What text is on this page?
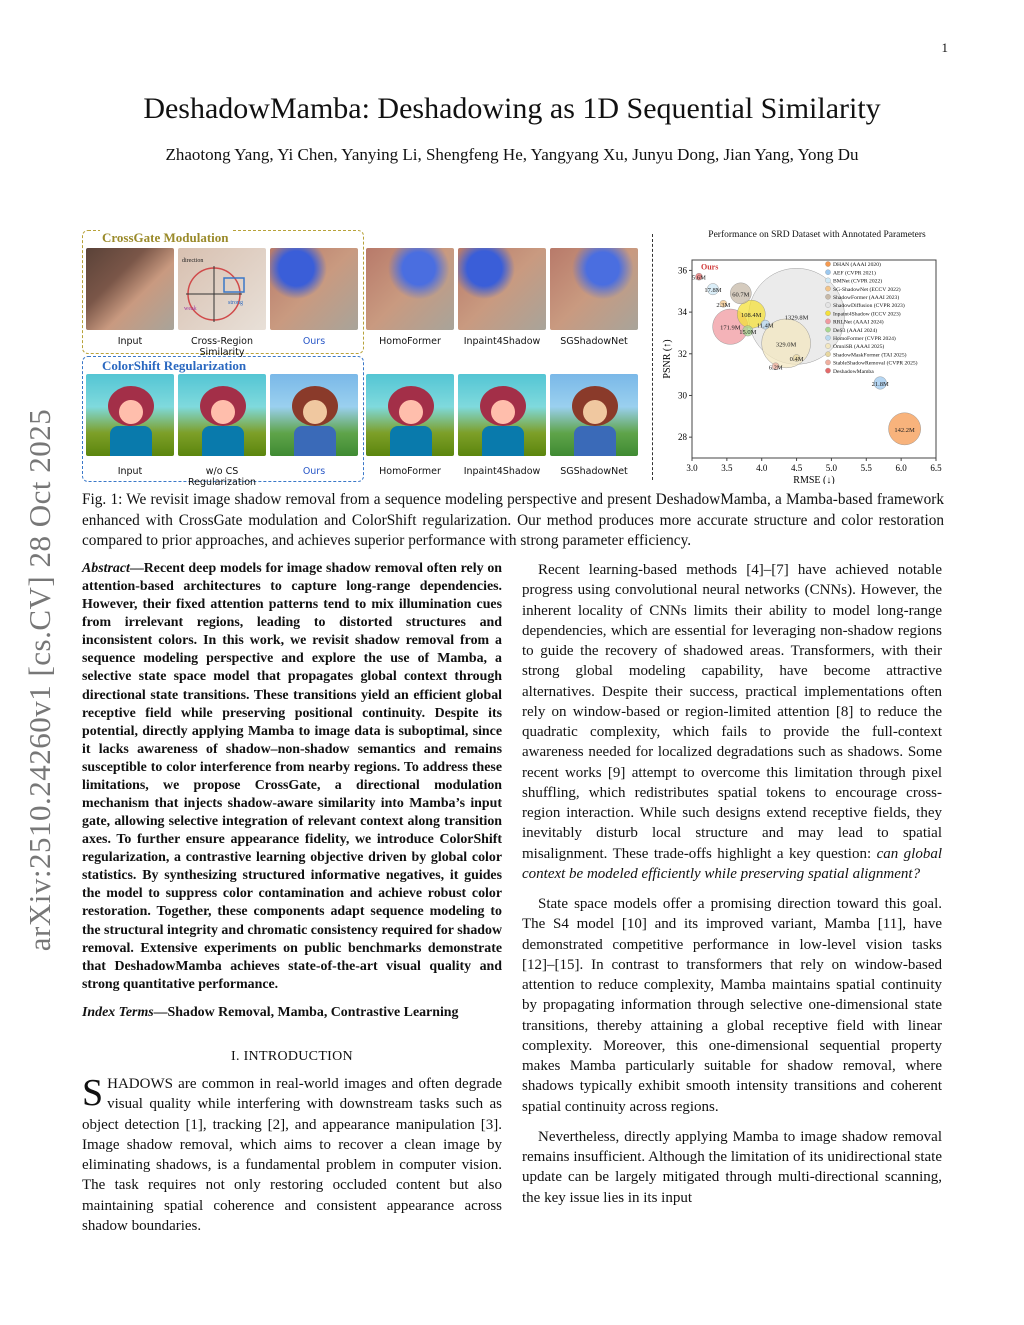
1
arXiv:2510.24260v1 [cs.CV] 28 Oct 2025
DeshadowMamba: Deshadowing as 1D Sequential Similarity
Zhaotong Yang, Yi Chen, Yanying Li, Shengfeng He, Yangyang Xu, Junyu Dong, Jian Yang, Yong Du
CrossGate Modulation
ColorShift Regularization
direction
weak
strong
Input	Cross-Region Similarity
Ours	HomoFormer	Inpaint4Shadow	SGShadowNet
Input	w/o CS Regularization
Ours	HomoFormer	Inpaint4Shadow	SGShadowNet
Performance on SRD Dataset with Annotated Parameters
3.0	3.5	4.0	4.5	5.0	5.5	6.0	6.5
28
30
32
34
36
RMSE (↓)
PSNR (↑)
142.2M
21.8M
17.8M
2.3M
60.7M
1329.8M
108.4M
171.9M
15.0M
11.4M
329.0M
0.4M
6.2M
5.6M
Ours	DHAN (AAAI 2020)
AEF (CVPR 2021)
BMNet (CVPR 2022)
SG-ShadowNet (ECCV 2022)
ShadowFormer (AAAI 2023)
ShadowDiffusion (CVPR 2023)
Inpaint4Shadow (ICCV 2023)
RRLNet (AAAI 2024)
DeS3 (AAAI 2024)
HomoFormer (CVPR 2024)
OmniSR (AAAI 2025)
ShadowMaskFormer (TAI 2025)
StableShadowRemoval (CVPR 2025)
DeshadowMamba
Fig. 1: We revisit image shadow removal from a sequence modeling perspective and present DeshadowMamba, a Mamba-based framework enhanced with CrossGate modulation and ColorShift regularization. Our method produces more accurate structure and color restoration compared to prior approaches, and achieves superior performance with strong parameter efficiency.

Abstract—Recent deep models for image shadow removal often rely on attention-based architectures to capture long-range dependencies. However, their fixed attention patterns tend to mix illumination cues from irrelevant regions, leading to distorted structures and inconsistent colors. In this work, we revisit shadow removal from a sequence modeling perspective and explore the use of Mamba, a selective state space model that propagates global context through directional state transitions. These transitions yield an efficient global receptive field while preserving positional continuity. Despite its potential, directly applying Mamba to image data is suboptimal, since it lacks awareness of shadow–non-shadow semantics and remains susceptible to color interference from nearby regions. To address these limitations, we propose CrossGate, a directional modulation mechanism that injects shadow-aware similarity into Mamba’s input gate, allowing selective integration of relevant context along transition axes. To further ensure appearance fidelity, we introduce ColorShift regularization, a contrastive learning objective driven by global color statistics. By synthesizing structured informative negatives, it guides the model to suppress color contamination and achieve robust color restoration. Together, these components adapt sequence modeling to the structural integrity and chromatic consistency required for shadow removal. Extensive experiments on public benchmarks demonstrate that DeshadowMamba achieves state-of-the-art visual quality and strong quantitative performance.

Index Terms—Shadow Removal, Mamba, Contrastive Learning

I. INTRODUCTION

SHADOWS are common in real-world images and often degrade visual quality while interfering with downstream tasks such as object detection [1], tracking [2], and appearance manipulation [3]. Image shadow removal, which aims to recover a clean image by eliminating shadows, is a fundamental problem in computer vision. The task requires not only restoring occluded content but also maintaining spatial coherence and consistent appearance across shadow boundaries.

Recent learning-based methods [4]–[7] have achieved notable progress using convolutional neural networks (CNNs). However, the inherent locality of CNNs limits their ability to model long-range dependencies, which are essential for leveraging non-shadow regions to guide the recovery of shadowed areas. Transformers, with their strong global modeling capability, have become attractive alternatives. Despite their success, practical implementations often rely on window-based or region-limited attention [8] to reduce the quadratic complexity, which fails to provide the full-context awareness needed for localized degradations such as shadows. Some recent works [9] attempt to overcome this limitation through pixel shuffling, which redistributes spatial tokens to encourage cross-region interaction. While such designs extend receptive fields, they inevitably disturb local structure and may lead to spatial misalignment. These trade-offs highlight a key question: can global context be modeled efficiently while preserving spatial alignment?

State space models offer a promising direction toward this goal. The S4 model [10] and its improved variant, Mamba [11], have demonstrated competitive performance in low-level vision tasks [12]–[15]. In contrast to transformers that rely on window-based attention to reduce complexity, Mamba maintains spatial continuity by propagating information through selective one-dimensional state transitions, thereby attaining a global receptive field with linear complexity. Moreover, this one-dimensional sequential property makes Mamba particularly suitable for shadow removal, where shadows typically exhibit smooth intensity transitions and coherent spatial continuity across regions.

Nevertheless, directly applying Mamba to image shadow removal remains insufficient. Although the limitation of its unidirectional state update can be largely mitigated through multi-directional scanning, the key issue lies in its input
